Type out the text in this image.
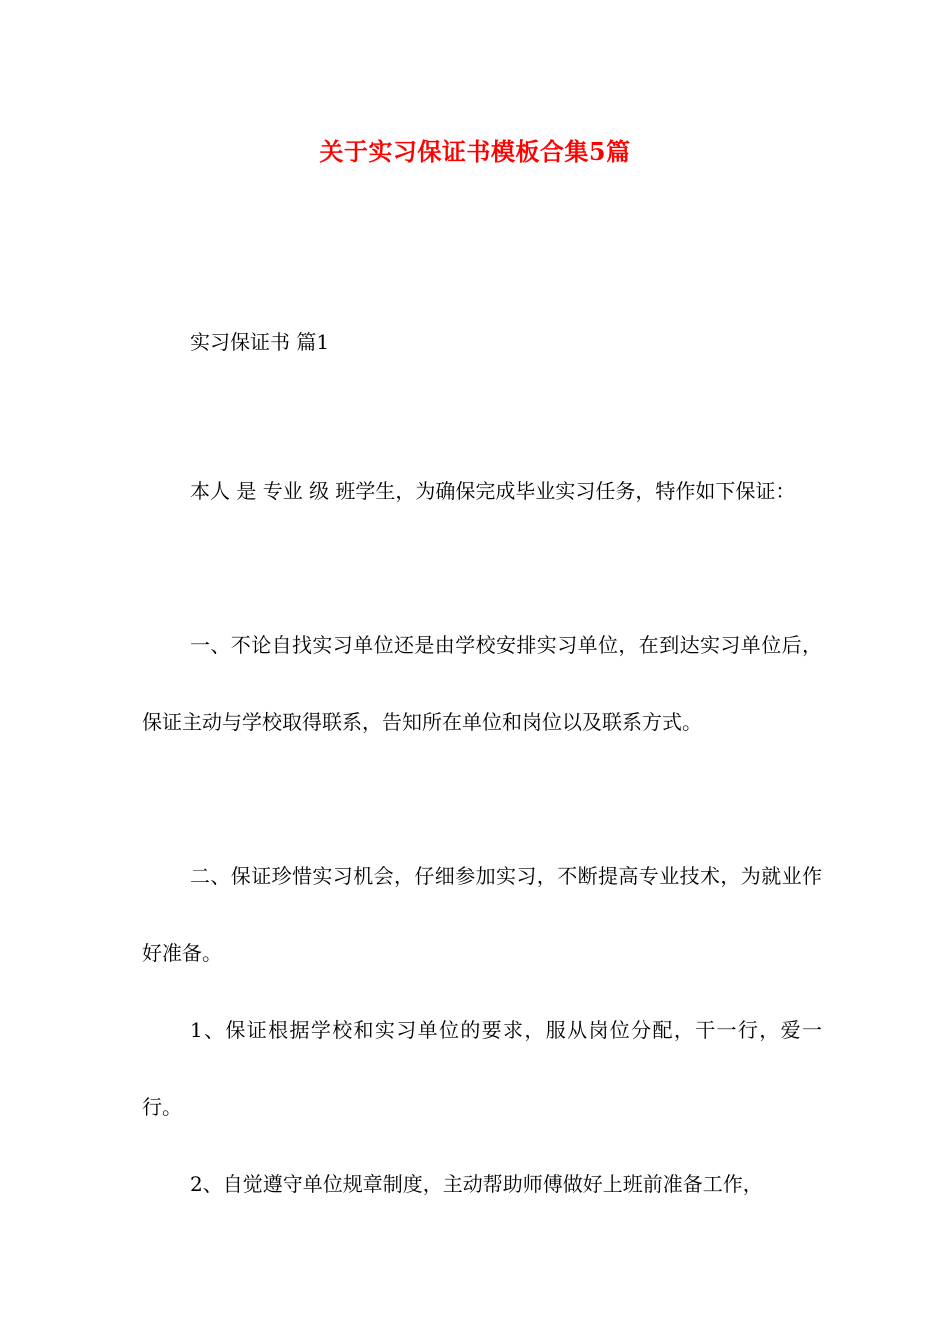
关于实习保证书模板合集5篇

实习保证书 篇1

本人 是 专业 级 班学生，为确保完成毕业实习任务，特作如下保证：

一、不论自找实习单位还是由学校安排实习单位，在到达实习单位后，保证主动与学校取得联系，告知所在单位和岗位以及联系方式。

二、保证珍惜实习机会，仔细参加实习，不断提高专业技术，为就业作好准备。

1、保证根据学校和实习单位的要求，服从岗位分配，干一行，爱一行。

2、自觉遵守单位规章制度，主动帮助师傅做好上班前准备工作，
